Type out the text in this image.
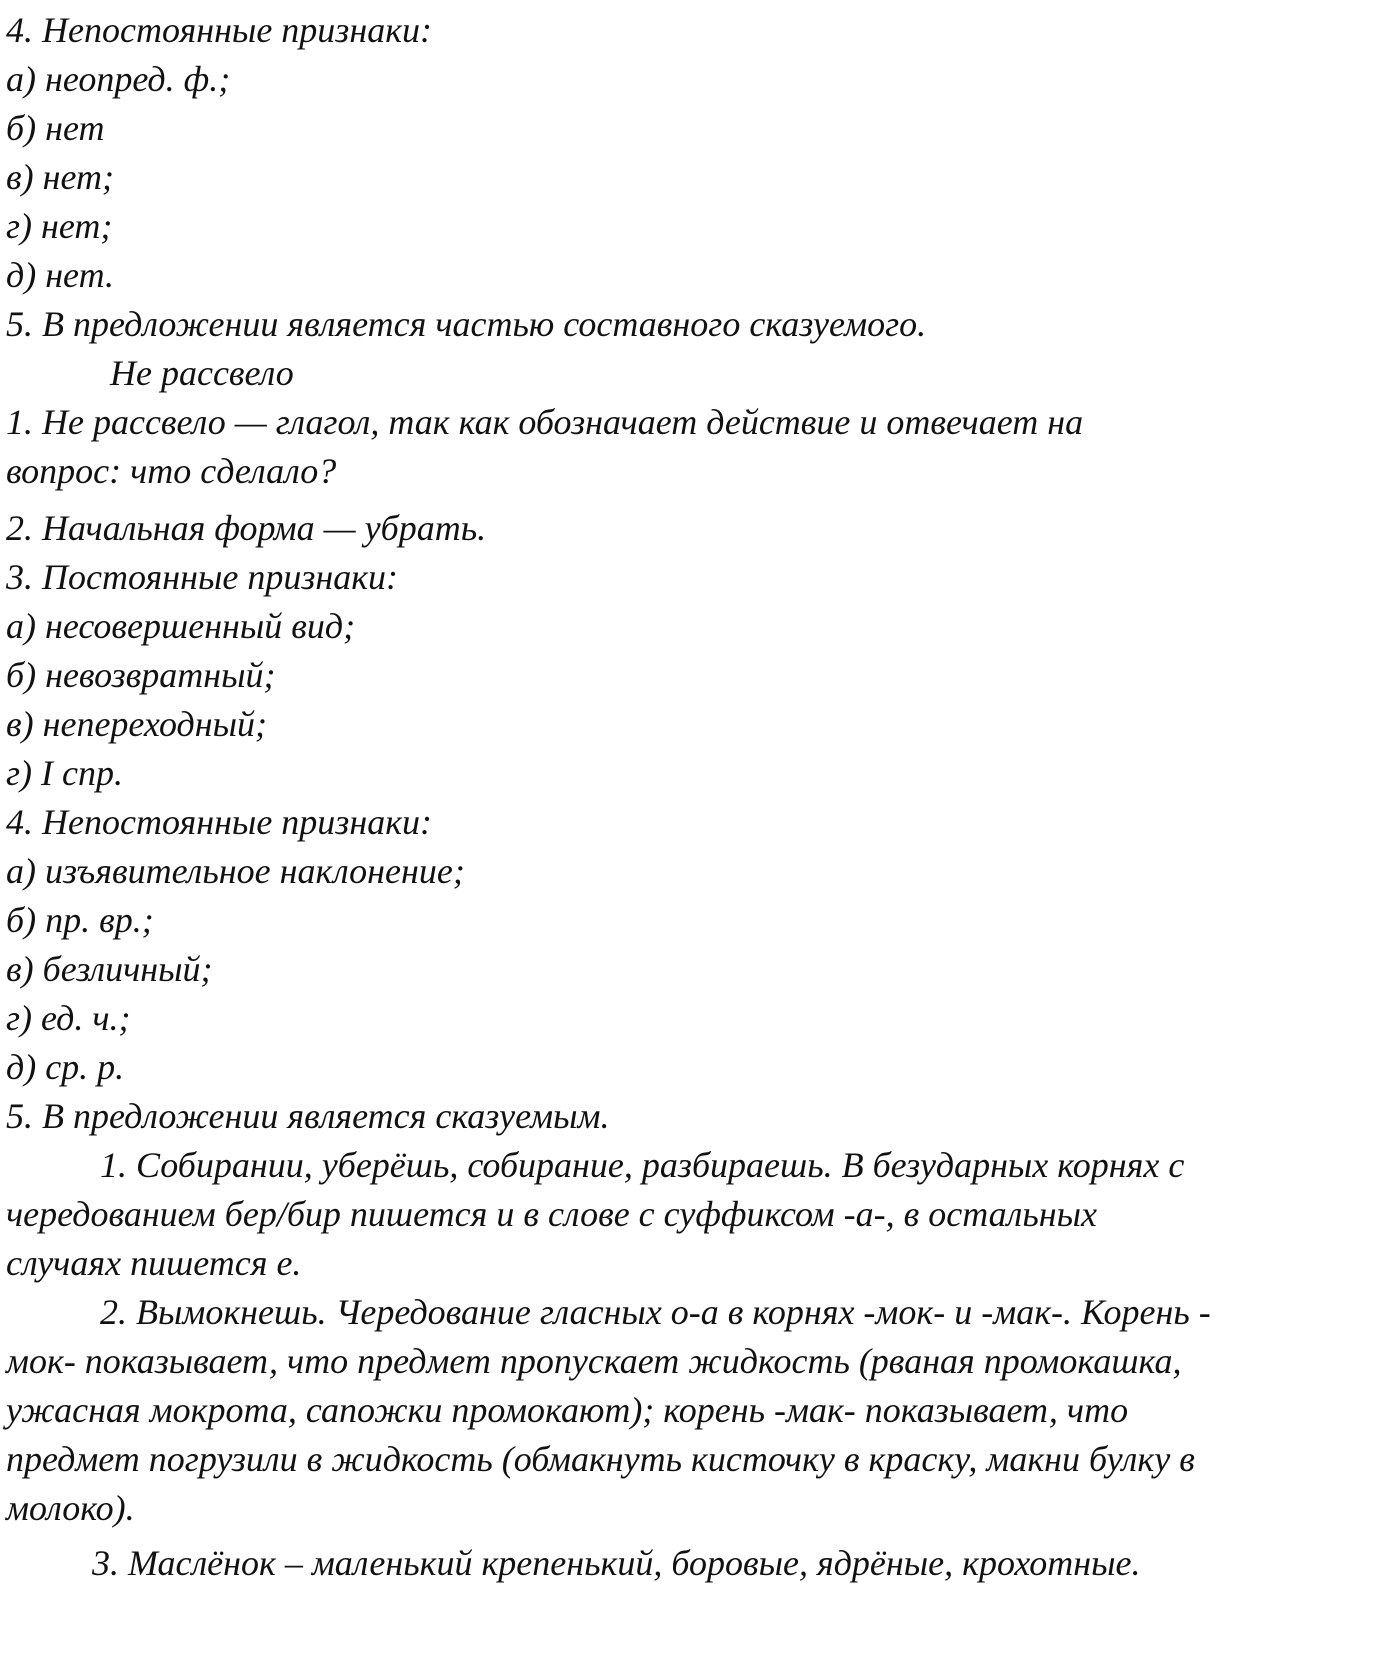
4. Непостоянные признаки:
а) неопред. ф.;
б) нет
в) нет;
г) нет;
д) нет.
5. В предложении является частью составного сказуемого.
Не рассвело
1. Не рассвело — глагол, так как обозначает действие и отвечает на
вопрос: что сделало?
2. Начальная форма — убрать.
3. Постоянные признаки:
а) несовершенный вид;
б) невозвратный;
в) непереходный;
г) I спр.
4. Непостоянные признаки:
а) изъявительное наклонение;
б) пр. вр.;
в) безличный;
г) ед. ч.;
д) ср. р.
5. В предложении является сказуемым.
1. Собирании, уберёшь, собирание, разбираешь. В безударных корнях с
чередованием бер/бир пишется и в слове с суффиксом -а-, в остальных
случаях пишется е.
2. Вымокнешь. Чередование гласных о-а в корнях -мок- и -мак-. Корень -
мок- показывает, что предмет пропускает жидкость (рваная промокашка,
ужасная мокрота, сапожки промокают); корень -мак- показывает, что
предмет погрузили в жидкость (обмакнуть кисточку в краску, макни булку в
молоко).
3. Маслёнок – маленький крепенький, боровые, ядрёные, крохотные.
